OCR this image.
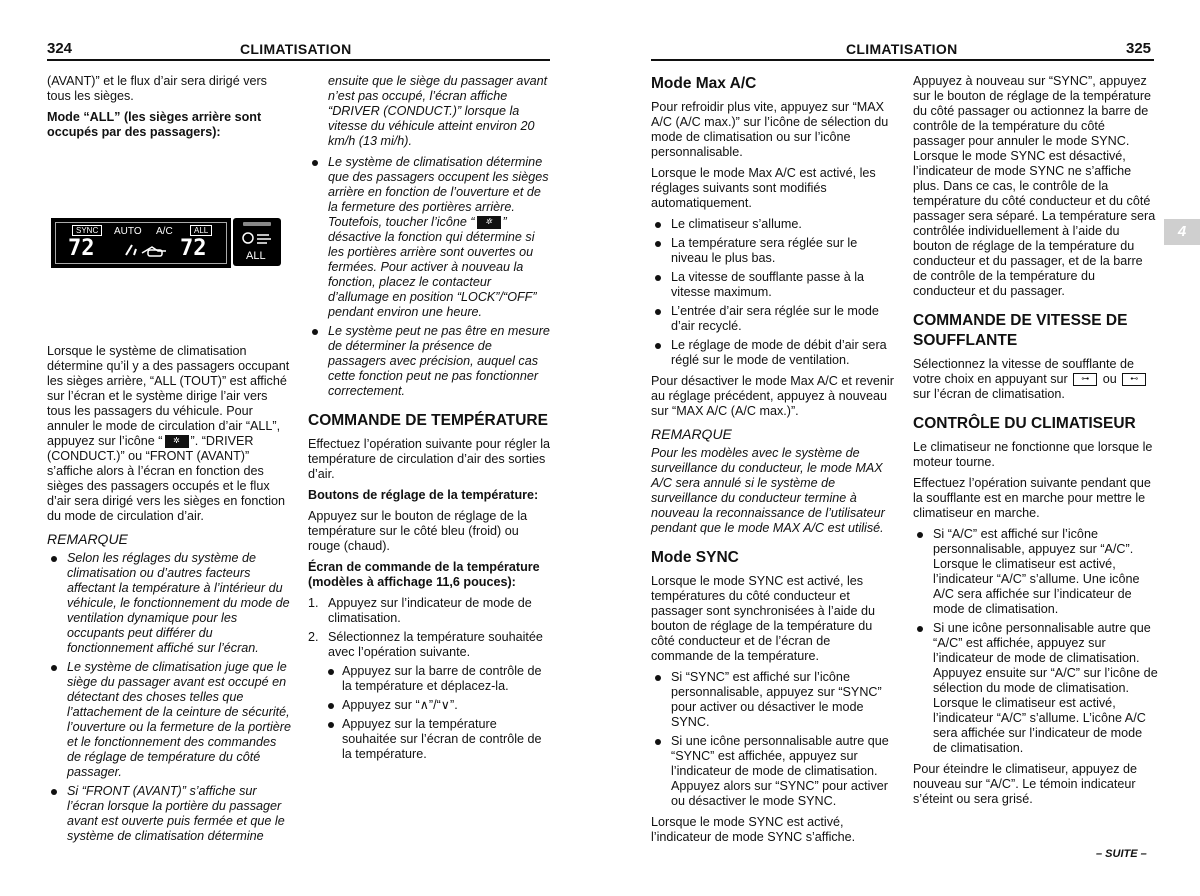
324	CLIMATISATION

(AVANT)” et le flux d’air sera dirigé vers tous les sièges.

Mode “ALL” (les sièges arrière sont occupés par des passagers):

SYNC	AUTO A/C	ALL
72	72	ALL

Lorsque le système de climatisation détermine qu’il y a des passagers occupant les sièges arrière, “ALL (TOUT)” est affiché sur l’écran et le système dirige l’air vers tous les passagers du véhicule. Pour annuler le mode de circulation d’air “ALL”, appuyez sur l’icône “ ✲ ”. “DRIVER (CONDUCT.)” ou “FRONT (AVANT)” s’affiche alors à l’écran en fonction des sièges des passagers occupés et le flux d’air sera dirigé vers les sièges en fonction du mode de circulation d’air.

REMARQUE
Selon les réglages du système de climatisation ou d’autres facteurs affectant la température à l’intérieur du véhicule, le fonctionnement du mode de ventilation dynamique pour les occupants peut différer du fonctionnement affiché sur l’écran.
Le système de climatisation juge que le siège du passager avant est occupé en détectant des choses telles que l’attachement de la ceinture de sécurité, l’ouverture ou la fermeture de la portière et le fonctionnement des commandes de réglage de température du côté passager.
Si “FRONT (AVANT)” s’affiche sur l’écran lorsque la portière du passager avant est ouverte puis fermée et que le système de climatisation détermine

ensuite que le siège du passager avant n’est pas occupé, l’écran affiche “DRIVER (CONDUCT.)” lorsque la vitesse du véhicule atteint environ 20 km/h (13 mi/h).

Le système de climatisation détermine que des passagers occupent les sièges arrière en fonction de l’ouverture et de la fermeture des portières arrière. Toutefois, toucher l’icône “ ✲ ” désactive la fonction qui détermine si les portières arrière sont ouvertes ou fermées. Pour activer à nouveau la fonction, placez le contacteur d’allumage en position “LOCK”/“OFF” pendant environ une heure.
Le système peut ne pas être en mesure de déterminer la présence de passagers avec précision, auquel cas cette fonction peut ne pas fonctionner correctement.
COMMANDE DE TEMPÉRATURE

Effectuez l’opération suivante pour régler la température de circulation d’air des sorties d’air.

Boutons de réglage de la température:

Appuyez sur le bouton de réglage de la température sur le côté bleu (froid) ou rouge (chaud).

Écran de commande de la température (modèles à affichage 11,6 pouces):

1. Appuyez sur l’indicateur de mode de climatisation.
2. Sélectionnez la température souhaitée avec l’opération suivante.
Appuyez sur la barre de contrôle de la température et déplacez-la.
Appuyez sur “∧”/“∨”.
Appuyez sur la température souhaitée sur l’écran de contrôle de la température.
CLIMATISATION	325
Mode Max A/C

Pour refroidir plus vite, appuyez sur “MAX A/C (A/C max.)” sur l’icône de sélection du mode de climatisation ou sur l’icône personnalisable.

Lorsque le mode Max A/C est activé, les réglages suivants sont modifiés automatiquement.

Le climatiseur s’allume.
La température sera réglée sur le niveau le plus bas.
La vitesse de soufflante passe à la vitesse maximum.
L’entrée d’air sera réglée sur le mode d’air recyclé.
Le réglage de mode de débit d’air sera réglé sur le mode de ventilation.

Pour désactiver le mode Max A/C et revenir au réglage précédent, appuyez à nouveau sur “MAX A/C (A/C max.)”.

REMARQUE

Pour les modèles avec le système de surveillance du conducteur, le mode MAX A/C sera annulé si le système de surveillance du conducteur termine à nouveau la reconnaissance de l’utilisateur pendant que le mode MAX A/C est utilisé.

Mode SYNC

Lorsque le mode SYNC est activé, les températures du côté conducteur et passager sont synchronisées à l’aide du bouton de réglage de la température du côté conducteur et de l’écran de commande de la température.

Si “SYNC” est affiché sur l’icône personnalisable, appuyez sur “SYNC” pour activer ou désactiver le mode SYNC.
Si une icône personnalisable autre que “SYNC” est affichée, appuyez sur l’indicateur de mode de climatisation. Appuyez alors sur “SYNC” pour activer ou désactiver le mode SYNC.

Lorsque le mode SYNC est activé, l’indicateur de mode SYNC s’affiche.

Appuyez à nouveau sur “SYNC”, appuyez sur le bouton de réglage de la température du côté passager ou actionnez la barre de contrôle de la température du côté passager pour annuler le mode SYNC. Lorsque le mode SYNC est désactivé, l’indicateur de mode SYNC ne s’affiche plus. Dans ce cas, le contrôle de la température du côté conducteur et du côté passager sera séparé. La température sera contrôlée individuellement à l’aide du bouton de réglage de la température du conducteur et du passager, et de la barre de contrôle de la température du conducteur et du passager.

COMMANDE DE VITESSE DE SOUFFLANTE

Sélectionnez la vitesse de soufflante de votre choix en appuyant sur ⊶ ou ⊷ sur l’écran de climatisation.

CONTRÔLE DU CLIMATISEUR

Le climatiseur ne fonctionne que lorsque le moteur tourne.

Effectuez l’opération suivante pendant que la soufflante est en marche pour mettre le climatiseur en marche.

Si “A/C” est affiché sur l’icône personnalisable, appuyez sur “A/C”. Lorsque le climatiseur est activé, l’indicateur “A/C” s’allume. Une icône A/C sera affichée sur l’indicateur de mode de climatisation.
Si une icône personnalisable autre que “A/C” est affichée, appuyez sur l’indicateur de mode de climatisation. Appuyez ensuite sur “A/C” sur l’icône de sélection du mode de climatisation. Lorsque le climatiseur est activé, l’indicateur “A/C” s’allume. L’icône A/C sera affichée sur l’indicateur de mode de climatisation.

Pour éteindre le climatiseur, appuyez de nouveau sur “A/C”. Le témoin indicateur s’éteint ou sera grisé.

4
– SUITE –
